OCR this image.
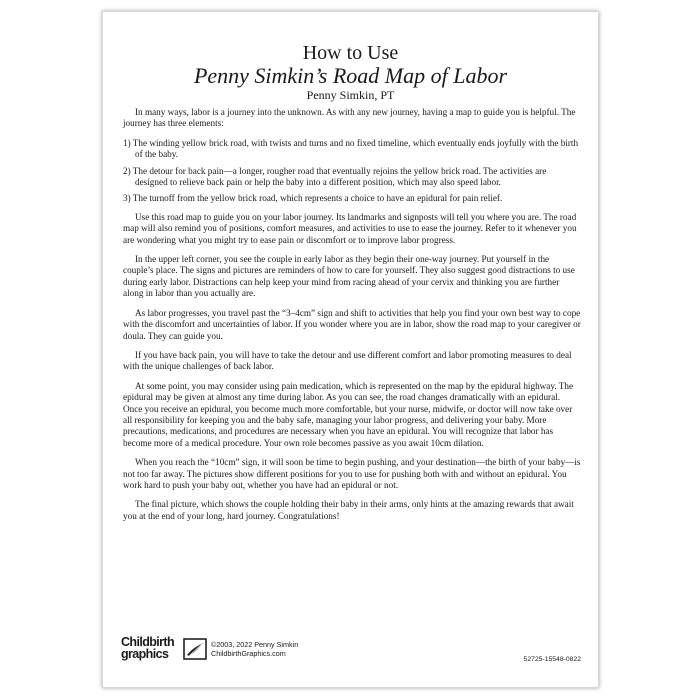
How to Use
Penny Simkin’s Road Map of Labor
Penny Simkin, PT

In many ways, labor is a journey into the unknown. As with any new journey, having a map to guide you is helpful. The journey has three elements:

1) The winding yellow brick road, with twists and turns and no fixed timeline, which eventually ends joyfully with the birth of the baby.
2) The detour for back pain—a longer, rougher road that eventually rejoins the yellow brick road. The activities are designed to relieve back pain or help the baby into a different position, which may also speed labor.
3) The turnoff from the yellow brick road, which represents a choice to have an epidural for pain relief.

Use this road map to guide you on your labor journey. Its landmarks and signposts will tell you where you are. The road map will also remind you of positions, comfort measures, and activities to use to ease the journey. Refer to it whenever you are wondering what you might try to ease pain or discomfort or to improve labor progress.

In the upper left corner, you see the couple in early labor as they begin their one-way journey. Put yourself in the couple’s place. The signs and pictures are reminders of how to care for yourself. They also suggest good distractions to use during early labor. Distractions can help keep your mind from racing ahead of your cervix and thinking you are further along in labor than you actually are.

As labor progresses, you travel past the “3–4cm” sign and shift to activities that help you find your own best way to cope with the discomfort and uncertainties of labor. If you wonder where you are in labor, show the road map to your caregiver or doula. They can guide you.

If you have back pain, you will have to take the detour and use different comfort and labor promoting measures to deal with the unique challenges of back labor.

At some point, you may consider using pain medication, which is represented on the map by the epidural highway. The epidural may be given at almost any time during labor. As you can see, the road changes dramatically with an epidural. Once you receive an epidural, you become much more comfortable, but your nurse, midwife, or doctor will now take over all responsibility for keeping you and the baby safe, managing your labor progress, and delivering your baby. More precautions, medications, and procedures are necessary when you have an epidural. You will recognize that labor has become more of a medical procedure. Your own role becomes passive as you await 10cm dilation.

When you reach the “10cm” sign, it will soon be time to begin pushing, and your destination—the birth of your baby—is not too far away. The pictures show different positions for you to use for pushing both with and without an epidural. You work hard to push your baby out, whether you have had an epidural or not.

The final picture, which shows the couple holding their baby in their arms, only hints at the amazing rewards that await you at the end of your long, hard journey. Congratulations!

Childbirth
graphics
©2003, 2022 Penny Simkin
ChildbirthGraphics.com
52725-15548-0822
